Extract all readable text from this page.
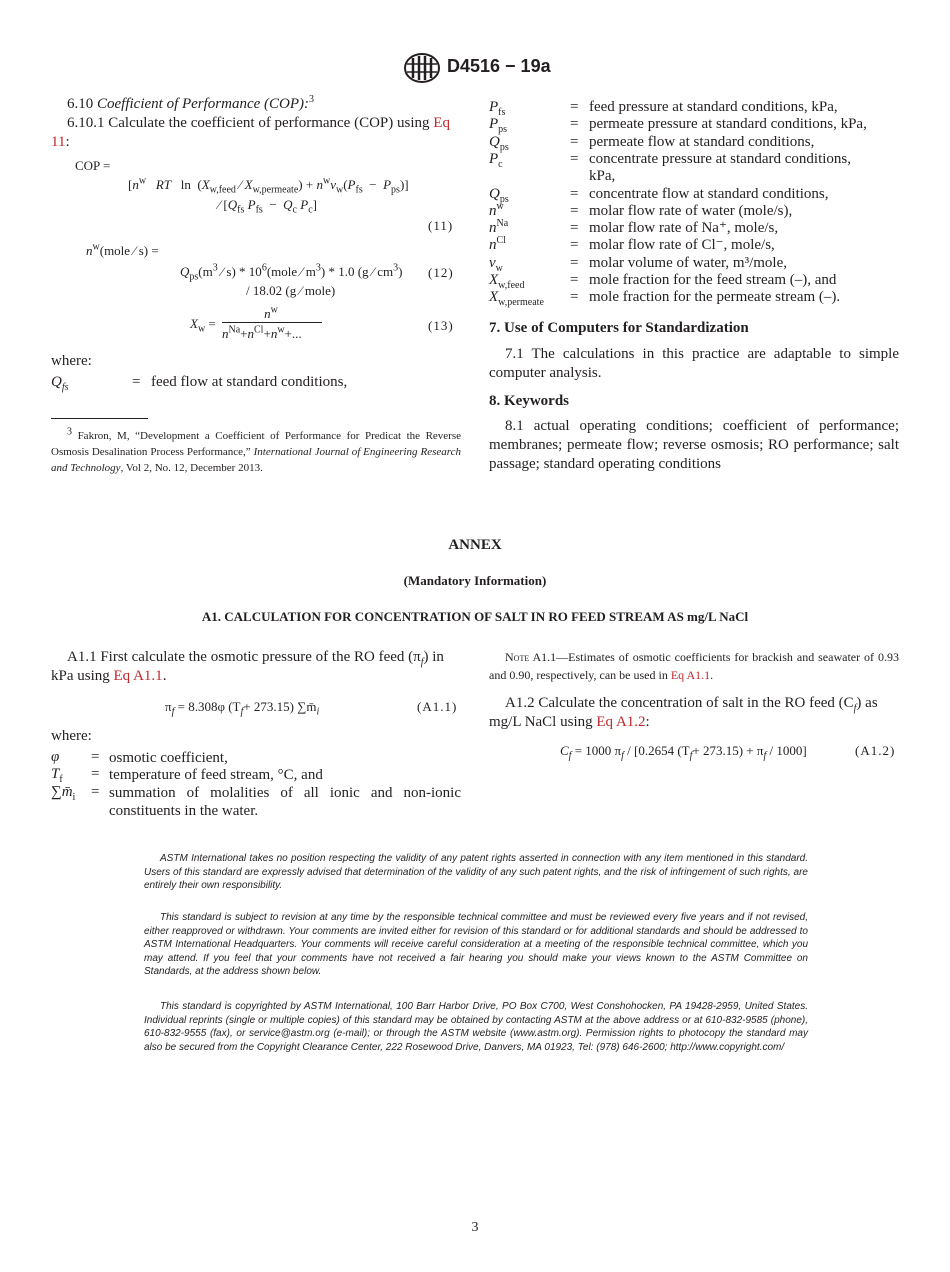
D4516 − 19a
6.10 Coefficient of Performance (COP):$^3$
6.10.1 Calculate the coefficient of performance (COP) using Eq 11:
COP =
[$n^w$ RT   $\ln (X_{w,feed}$ ⁄ $X_{w,permeate}) + n^wv_w(P_{fs} - P_{ps})$]
⁄ [$Q_{fs}$ $P_{fs} - Q_c$ $P_c$]
(11)
$n^w(mole$ ⁄ s) =
$Q_{ps}(m^3$ ⁄ $s) * 10^6(mole$ ⁄ $m^3) * 1.0$ (g ⁄ $cm^3$)
/ 18.02 (g ⁄ mole)
(12)
$X_w$ =
$n^w$
$n^{Na}+n^{Cl}+n^w+$...
(13)
where:
$Q_{fs}$	= feed flow at standard conditions,
$^3$ Fakron, M, “Development a Coefficient of Performance for Predicat the Reverse Osmosis Desalination Process Performance,” International Journal of Engineering Research and Technology, Vol 2, No. 12, December 2013.
$P_{fs}$	= feed pressure at standard conditions, kPa,
$P_{ps}$	= permeate pressure at standard conditions, kPa,
$Q_{ps}$	= permeate flow at standard conditions,
$P_c$	= concentrate pressure at standard conditions,
kPa,
$Q_{ps}$	= concentrate flow at standard conditions,
$n^w$	= molar flow rate of water (mole/s),
$n^{Na}$	= molar flow rate of Na⁺, mole/s,
$n^{Cl}$	= molar flow rate of Cl⁻, mole/s,
$v_w$	= molar volume of water, m³/mole,
$X_{w,feed}$	= mole fraction for the feed stream (–), and
$X_{w,permeate}$	= mole fraction for the permeate stream (–).
7. Use of Computers for Standardization
7.1 The calculations in this practice are adaptable to simple computer analysis.
8. Keywords
8.1 actual operating conditions; coefficient of performance; membranes; permeate flow; reverse osmosis; RO performance; salt passage; standard operating conditions
ANNEX
(Mandatory Information)
A1. CALCULATION FOR CONCENTRATION OF SALT IN RO FEED STREAM AS mg/L NaCl
A1.1 First calculate the osmotic pressure of the RO feed $(\pi_f)$ in kPa using Eq A1.1.
$\pi_f = 8.308\varphi$ $(T_f+ 273.15)$ $\sum m̄_i$	(A1.1)
where:
φ	= osmotic coefficient,
$T_f$	= temperature of feed stream, °C, and
$\sum m̄_i$	= summation of molalities of all ionic and non-ionic constituents in the water.
Note A1.1—Estimates of osmotic coefficients for brackish and seawater of 0.93 and 0.90, respectively, can be used in Eq A1.1.
A1.2 Calculate the concentration of salt in the RO feed $(C_f)$ as mg/L NaCl using Eq A1.2:
$C_f = 1000$ $\pi_f / [0.2654$ $(T_f+ 273.15) + \pi_f / 1000$]	(A1.2)
ASTM International takes no position respecting the validity of any patent rights asserted in connection with any item mentioned in this standard. Users of this standard are expressly advised that determination of the validity of any such patent rights, and the risk of infringement of such rights, are entirely their own responsibility.
This standard is subject to revision at any time by the responsible technical committee and must be reviewed every five years and if not revised, either reapproved or withdrawn. Your comments are invited either for revision of this standard or for additional standards and should be addressed to ASTM International Headquarters. Your comments will receive careful consideration at a meeting of the responsible technical committee, which you may attend. If you feel that your comments have not received a fair hearing you should make your views known to the ASTM Committee on Standards, at the address shown below.
This standard is copyrighted by ASTM International, 100 Barr Harbor Drive, PO Box C700, West Conshohocken, PA 19428-2959, United States. Individual reprints (single or multiple copies) of this standard may be obtained by contacting ASTM at the above address or at 610-832-9585 (phone), 610-832-9555 (fax), or service@astm.org (e-mail); or through the ASTM website (www.astm.org). Permission rights to photocopy the standard may also be secured from the Copyright Clearance Center, 222 Rosewood Drive, Danvers, MA 01923, Tel: (978) 646-2600; http://www.copyright.com/
3
